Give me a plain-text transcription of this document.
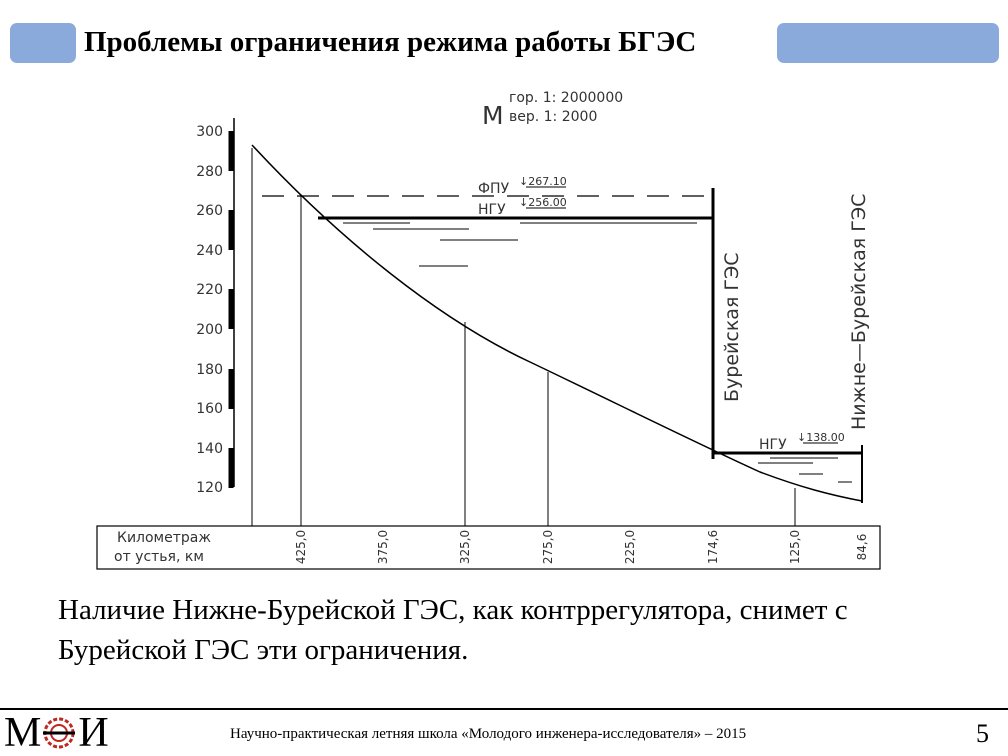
Проблемы ограничения режима работы БГЭС
М
гор. 1: 2000000
вер. 1: 2000
300
280
260
240
220
200
180
160
140
120
Километраж
от устья, км	425,0	375,0	325,0	275,0	225,0	174,6	125,0	84,6
Бурейская ГЭС	Нижне—Бурейская ГЭС
ФПУ ↓267.10
НГУ ↓256.00
НГУ ↓138.00
Наличие Нижне-Бурейской ГЭС, как контррегулятора, снимет с
Бурейской ГЭС эти ограничения.
М И	Научно-практическая летняя школа «Молодого инженера-исследователя» – 2015	5
